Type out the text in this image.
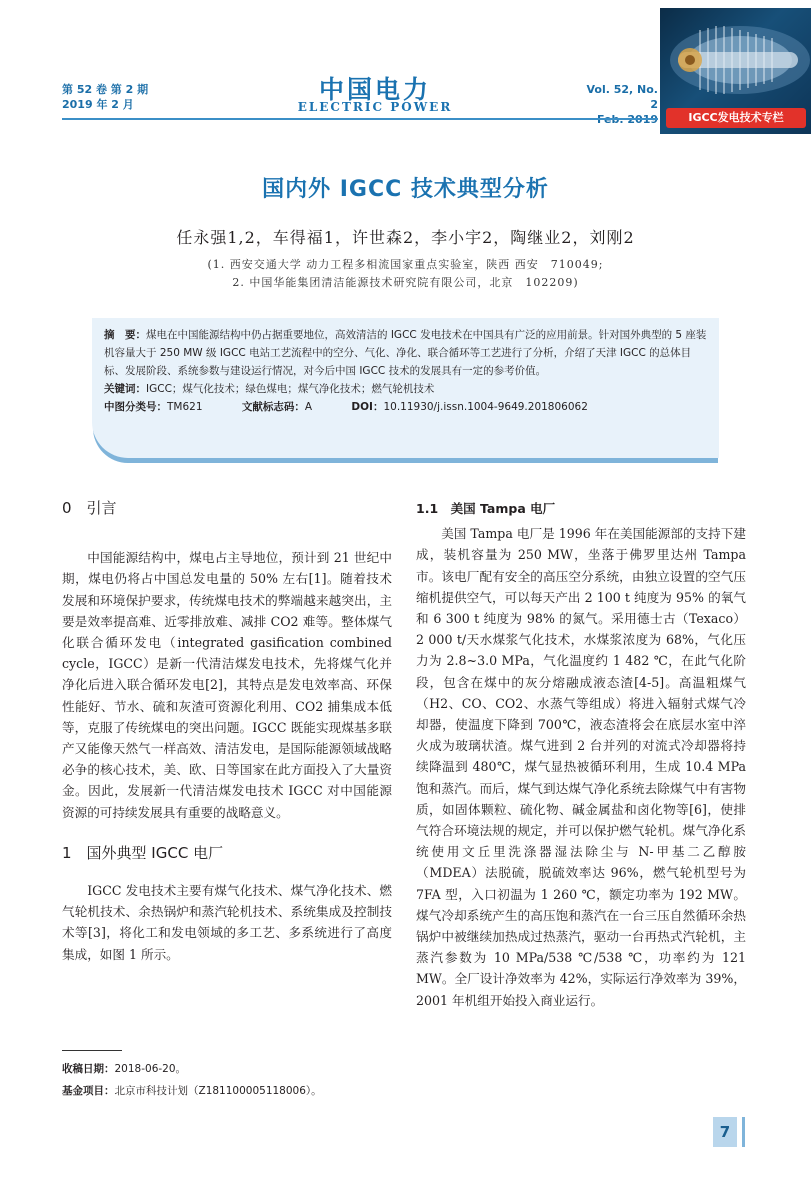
第 52 卷 第 2 期
2019 年 2 月
中国电力
ELECTRIC POWER
Vol. 52, No. 2
IGCC发电技术专栏
国内外 IGCC 技术典型分析
任永强1,2，车得福1，许世森2，李小宇2，陶继业2，刘刚2
(1. 西安交通大学 动力工程多相流国家重点实验室，陕西 西安　710049;
2. 中国华能集团清洁能源技术研究院有限公司，北京　102209)
摘　要：煤电在中国能源结构中仍占据重要地位，高效清洁的 IGCC 发电技术在中国具有广泛的应用前景。针对国外典型的 5 座装机容量大于 250 MW 级 IGCC 电站工艺流程中的空分、气化、净化、联合循环等工艺进行了分析，介绍了天津 IGCC 的总体目标、发展阶段、系统参数与建设运行情况，对今后中国 IGCC 技术的发展具有一定的参考价值。
关键词：IGCC；煤气化技术；绿色煤电；煤气净化技术；燃气轮机技术
中图分类号：TM621	文献标志码：A	DOI：10.11930/j.issn.1004-9649.201806062
0　引言

中国能源结构中，煤电占主导地位，预计到 21 世纪中期，煤电仍将占中国总发电量的 50% 左右[1]。随着技术发展和环境保护要求，传统煤电技术的弊端越来越突出，主要是效率提高难、近零排放难、减排 CO2 难等。整体煤气化联合循环发电（integrated gasification combined cycle，IGCC）是新一代清洁煤发电技术，先将煤气化并净化后进入联合循环发电[2]，其特点是发电效率高、环保性能好、节水、硫和灰渣可资源化利用、CO2 捕集成本低等，克服了传统煤电的突出问题。IGCC 既能实现煤基多联产又能像天然气一样高效、清洁发电，是国际能源领域战略必争的核心技术，美、欧、日等国家在此方面投入了大量资金。因此，发展新一代清洁煤发电技术 IGCC 对中国能源资源的可持续发展具有重要的战略意义。

1　国外典型 IGCC 电厂

IGCC 发电技术主要有煤气化技术、煤气净化技术、燃气轮机技术、余热锅炉和蒸汽轮机技术、系统集成及控制技术等[3]，将化工和发电领域的多工艺、多系统进行了高度集成，如图 1 所示。

收稿日期：2018-06-20。
基金项目：北京市科技计划（Z181100005118006）。
1.1　美国 Tampa 电厂

美国 Tampa 电厂是 1996 年在美国能源部的支持下建成，装机容量为 250 MW，坐落于佛罗里达州 Tampa 市。该电厂配有安全的高压空分系统，由独立设置的空气压缩机提供空气，可以每天产出 2 100 t 纯度为 95% 的氧气和 6 300 t 纯度为 98% 的氮气。采用德士古（Texaco）2 000 t/天水煤浆气化技术，水煤浆浓度为 68%，气化压力为 2.8~3.0 MPa，气化温度约 1 482 ℃，在此气化阶段，包含在煤中的灰分熔融成液态渣[4-5]。高温粗煤气（H2、CO、CO2、水蒸气等组成）将进入辐射式煤气冷却器，使温度下降到 700℃，液态渣将会在底层水室中淬火成为玻璃状渣。煤气进到 2 台并列的对流式冷却器将持续降温到 480℃，煤气显热被循环利用，生成 10.4 MPa 饱和蒸汽。而后，煤气到达煤气净化系统去除煤气中有害物质，如固体颗粒、硫化物、碱金属盐和卤化物等[6]，使排气符合环境法规的规定，并可以保护燃气轮机。煤气净化系统使用文丘里洗涤器湿法除尘与 N-甲基二乙醇胺（MDEA）法脱硫，脱硫效率达 96%，燃气轮机型号为 7FA 型，入口初温为 1 260 ℃，额定功率为 192 MW。煤气冷却系统产生的高压饱和蒸汽在一台三压自然循环余热锅炉中被继续加热成过热蒸汽，驱动一台再热式汽轮机，主蒸汽参数为 10 MPa/538 ℃/538 ℃，功率约为 121 MW。全厂设计净效率为 42%，实际运行净效率为 39%，2001 年机组开始投入商业运行。

7
